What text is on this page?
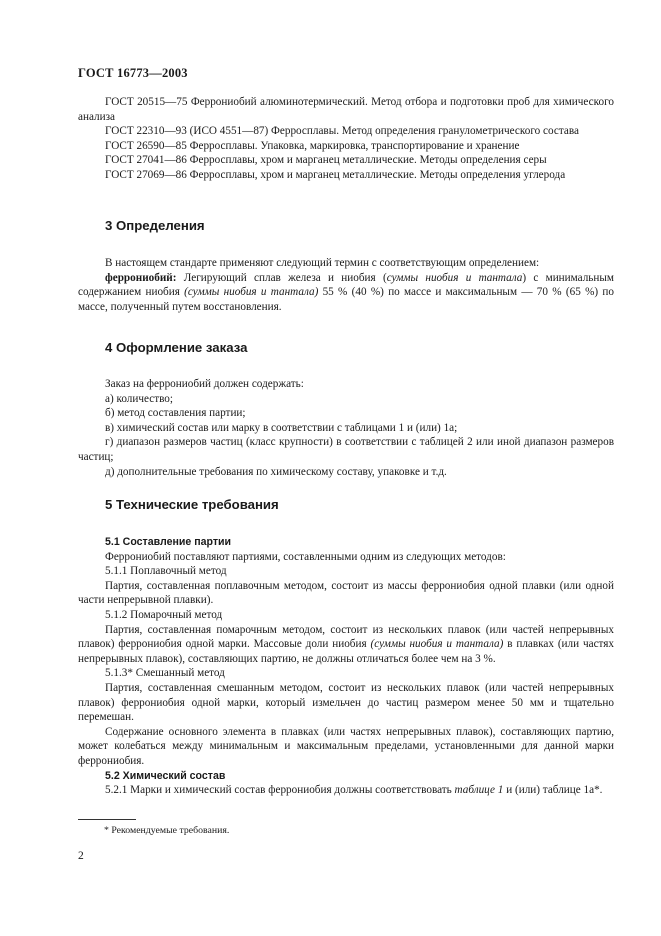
ГОСТ 16773—2003

ГОСТ 20515—75 Феррониобий алюминотермический. Метод отбора и подготовки проб для химического анализа

ГОСТ 22310—93 (ИСО 4551—87) Ферросплавы. Метод определения гранулометрического состава

ГОСТ 26590—85 Ферросплавы. Упаковка, маркировка, транспортирование и хранение

ГОСТ 27041—86 Ферросплавы, хром и марганец металлические. Методы определения серы

ГОСТ 27069—86 Ферросплавы, хром и марганец металлические. Методы определения углерода

3 Определения

В настоящем стандарте применяют следующий термин с соответствующим определением:

феррониобий: Легирующий сплав железа и ниобия (суммы ниобия и тантала) с минимальным содержанием ниобия (суммы ниобия и тантала) 55 % (40 %) по массе и максимальным — 70 % (65 %) по массе, полученный путем восстановления.

4 Оформление заказа

Заказ на феррониобий должен содержать:

а) количество;

б) метод составления партии;

в) химический состав или марку в соответствии с таблицами 1 и (или) 1а;

г) диапазон размеров частиц (класс крупности) в соответствии с таблицей 2 или иной диапазон размеров частиц;

д) дополнительные требования по химическому составу, упаковке и т.д.

5 Технические требования

5.1 Составление партии

Феррониобий поставляют партиями, составленными одним из следующих методов:

5.1.1 Поплавочный метод

Партия, составленная поплавочным методом, состоит из массы феррониобия одной плавки (или одной части непрерывной плавки).

5.1.2 Помарочный метод

Партия, составленная помарочным методом, состоит из нескольких плавок (или частей непрерывных плавок) феррониобия одной марки. Массовые доли ниобия (суммы ниобия и тантала) в плавках (или частях непрерывных плавок), составляющих партию, не должны отличаться более чем на 3 %.

5.1.3* Смешанный метод

Партия, составленная смешанным методом, состоит из нескольких плавок (или частей непрерывных плавок) феррониобия одной марки, который измельчен до частиц размером менее 50 мм и тщательно перемешан.

Содержание основного элемента в плавках (или частях непрерывных плавок), составляющих партию, может колебаться между минимальным и максимальным пределами, установленными для данной марки феррониобия.

5.2 Химический состав

5.2.1 Марки и химический состав феррониобия должны соответствовать таблице 1 и (или) таблице 1а*.

* Рекомендуемые требования.
2
